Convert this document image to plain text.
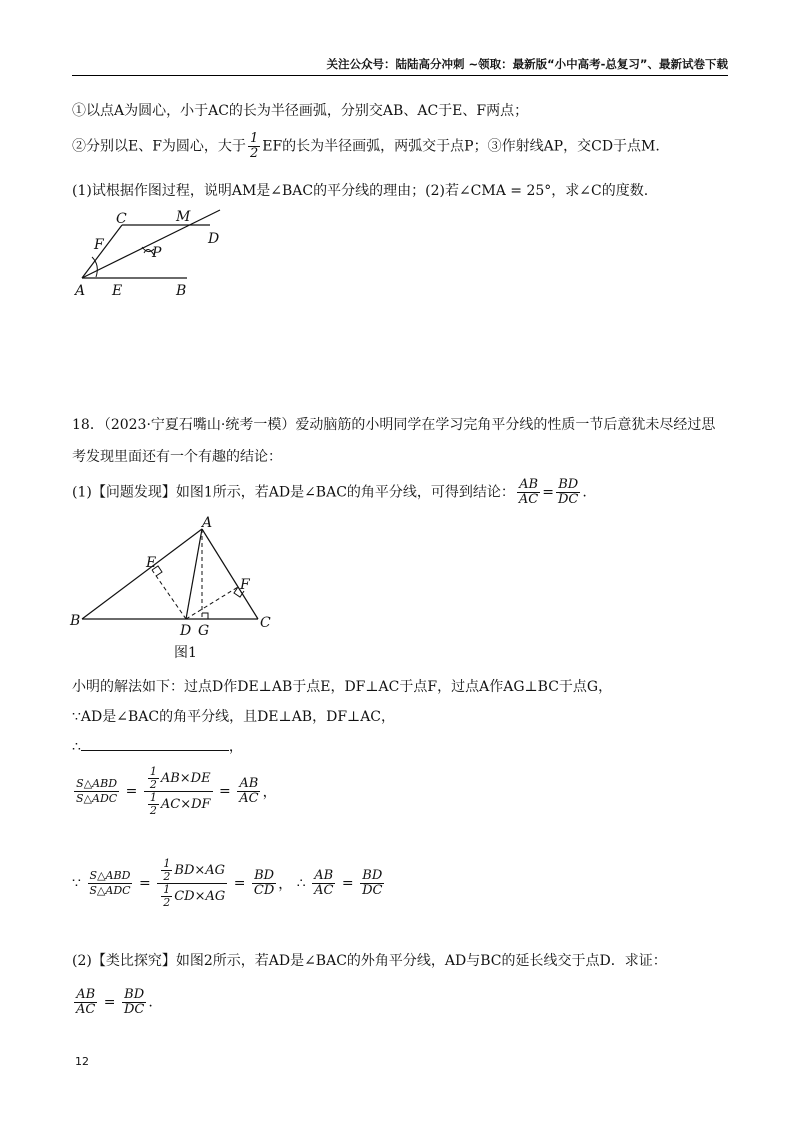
关注公众号：陆陆高分冲刺 ~领取：最新版“小中高考-总复习”、最新试卷下载
①以点A为圆心，小于AC的长为半径画弧，分别交AB、AC于E、F两点；
②分别以E、F为圆心，大于 $\frac{1}{2}$ EF的长为半径画弧，两弧交于点P；③作射线AP，交CD于点M.
(1)试根据作图过程，说明AM是∠BAC的平分线的理由；(2)若∠CMA = 25°，求∠C的度数.
C	M
D
F	P
A E	B
18．（2023·宁夏石嘴山·统考一模）爱动脑筋的小明同学在学习完角平分线的性质一节后意犹未尽经过思
考发现里面还有一个有趣的结论：
(1)【问题发现】如图1所示，若AD是∠BAC的角平分线，可得到结论： $\frac{AB}{AC} = \frac{BD}{DC}$ .
A
B	C
D G
E
F
图1
小明的解法如下：过点D作DE⊥AB于点E，DF⊥AC于点F，过点A作AG⊥BC于点G，
∵AD是∠BAC的角平分线，且DE⊥AB，DF⊥AC，
∴	，
$\frac{\text{S△ABD}}{\text{S△ADC}} = \frac{\frac{1}{2} AB\times DE}{\frac{1}{2} AC\times DF} = \frac{AB}{AC}$ ，
∵ $\frac{\text{S△ABD}}{\text{S△ADC}} = \frac{\frac{1}{2} BD\times AG}{\frac{1}{2} CD\times AG} = \frac{BD}{CD}$ ， ∴ $\frac{AB}{AC} = \frac{BD}{DC}$
(2)【类比探究】如图2所示，若AD是∠BAC的外角平分线，AD与BC的延长线交于点D．求证：
$\frac{AB}{AC} = \frac{BD}{DC}$ .
12
